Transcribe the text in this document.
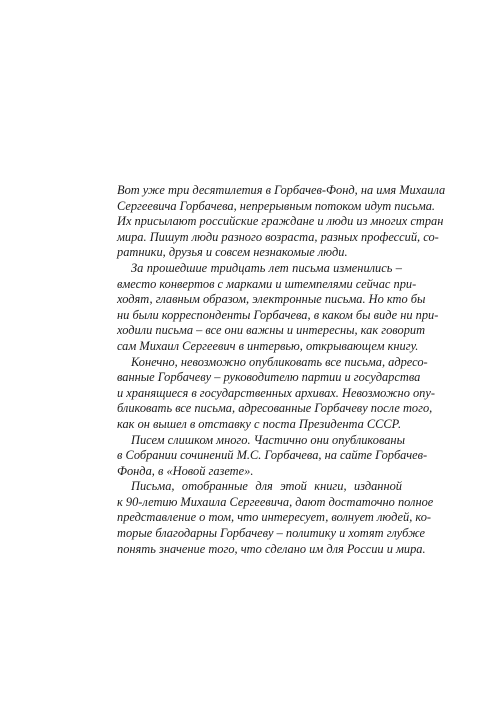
Вот уже три десятилетия в Горбачев-Фонд, на имя Михаила
Сергеевича Горбачева, непрерывным потоком идут письма.
Их присылают российские граждане и люди из многих стран
мира. Пишут люди разного возраста, разных профессий, со-
ратники, друзья и совсем незнакомые люди.
За прошедшие тридцать лет письма изменились –
вместо конвертов с марками и штемпелями сейчас при-
ходят, главным образом, электронные письма. Но кто бы
ни были корреспонденты Горбачева, в каком бы виде ни при-
ходили письма – все они важны и интересны, как говорит
сам Михаил Сергеевич в интервью, открывающем книгу.
Конечно, невозможно опубликовать все письма, адресо-
ванные Горбачеву – руководителю партии и государства
и хранящиеся в государственных архивах. Невозможно опу-
бликовать все письма, адресованные Горбачеву после того,
как он вышел в отставку с поста Президента СССР.
Писем слишком много. Частично они опубликованы
в Собрании сочинений М.С. Горбачева, на сайте Горбачев-
Фонда, в «Новой газете».
Письма, отобранные для этой книги, изданной
к 90-летию Михаила Сергеевича, дают достаточно полное
представление о том, что интересует, волнует людей, ко-
торые благодарны Горбачеву – политику и хотят глубже
понять значение того, что сделано им для России и мира.
